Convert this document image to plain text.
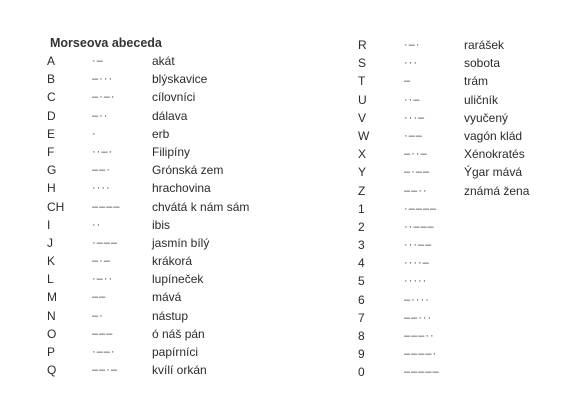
Morseova abeceda
A	·–	akát
B	–···	blýskavice
C	–·–·	cílovníci
D	–··	dálava
E	·	erb
F	··–·	Filipíny
G	––·	Grónská zem
H	····	hrachovina
CH	––––	chvátá k nám sám
I	··	ibis
J	·–––	jasmín bílý
K	–·–	krákorá
L	·–··	lupíneček
M	––	mává
N	–·	nástup
O	–––	ó náš pán
P	·––·	papírníci
Q	––·–	kvílí orkán
R	·–·	rarášek
S	···	sobota
T	–	trám
U	··–	uličník
V	···–	vyučený
W	·––	vagón klád
X	–··–	Xénokratés
Y	–·––	Ýgar mává
Z	––··	známá žena
1	·––––
2	··–––
3	···––
4	····–
5	·····
6	–····
7	––···
8	–––··
9	––––·
0	–––––
